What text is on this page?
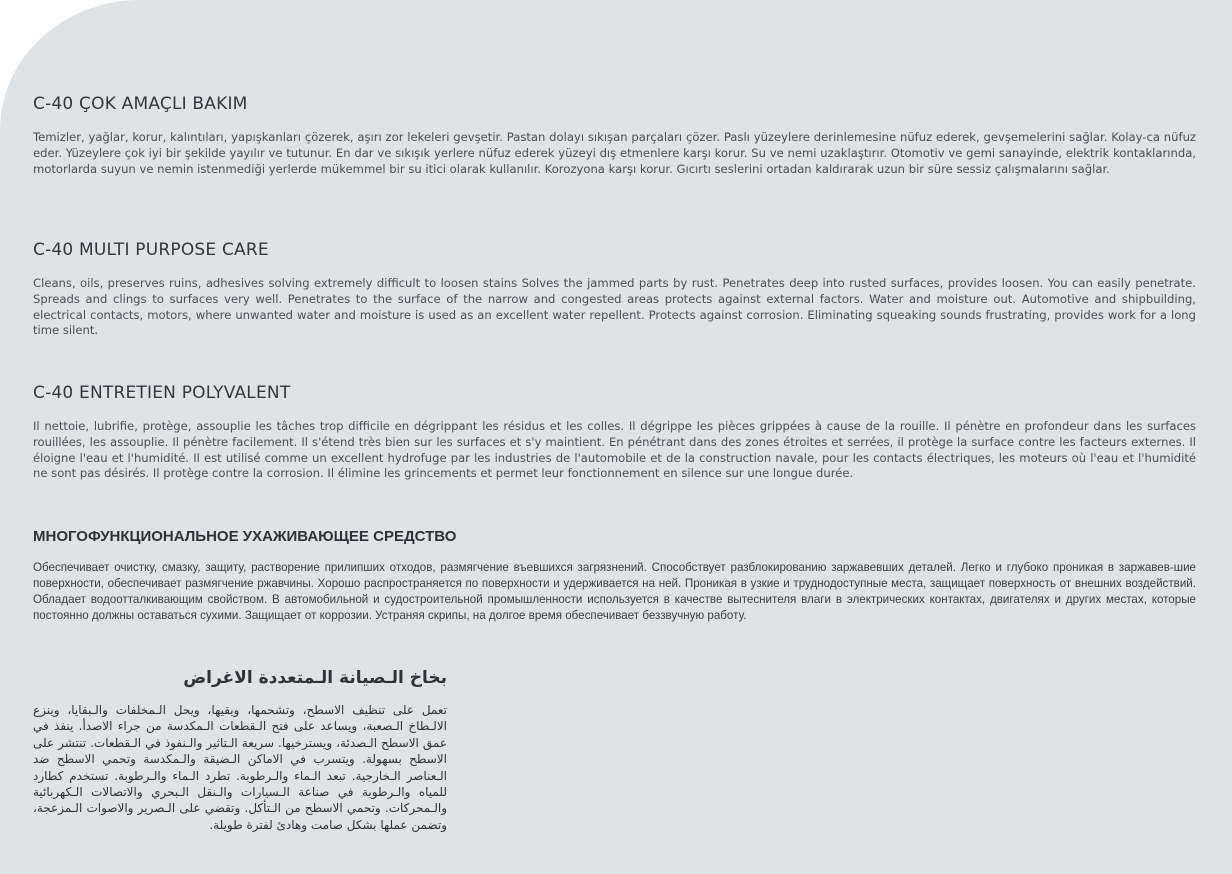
C-40 ÇOK AMAÇLI BAKIM

Temizler, yağlar, korur, kalıntıları, yapışkanları çözerek, aşırı zor lekeleri gevşetir. Pastan dolayı sıkışan parçaları çözer. Paslı yüzeylere derinlemesine nüfuz ederek, gevşemelerini sağlar. Kolay-ca nüfuz eder. Yüzeylere çok iyi bir şekilde yayılır ve tutunur. En dar ve sıkışık yerlere nüfuz ederek yüzeyi dış etmenlere karşı korur. Su ve nemi uzaklaştırır. Otomotiv ve gemi sanayinde, elektrik kontaklarında, motorlarda suyun ve nemin istenmediği yerlerde mükemmel bir su itici olarak kullanılır. Korozyona karşı korur. Gıcırtı seslerini ortadan kaldırarak uzun bir süre sessiz çalışmalarını sağlar.

C-40 MULTI PURPOSE CARE

Cleans, oils, preserves ruins, adhesives solving extremely difficult to loosen stains Solves the jammed parts by rust. Penetrates deep into rusted surfaces, provides loosen. You can easily penetrate. Spreads and clings to surfaces very well. Penetrates to the surface of the narrow and congested areas protects against external factors. Water and moisture out. Automotive and shipbuilding, electrical contacts, motors, where unwanted water and moisture is used as an excellent water repellent. Protects against corrosion. Eliminating squeaking sounds frustrating, provides work for a long time silent.

C-40 ENTRETIEN POLYVALENT

Il nettoie, lubrifie, protège, assouplie les tâches trop difficile en dégrippant les résidus et les colles. Il dégrippe les pièces grippées à cause de la rouille. Il pénètre en profondeur dans les surfaces rouillées, les assouplie. Il pénètre facilement. Il s'étend très bien sur les surfaces et s'y maintient. En pénétrant dans des zones étroites et serrées, il protège la surface contre les facteurs externes. Il éloigne l'eau et l'humidité. Il est utilisé comme un excellent hydrofuge par les industries de l'automobile et de la construction navale, pour les contacts électriques, les moteurs où l'eau et l'humidité ne sont pas désirés. Il protège contre la corrosion. Il élimine les grincements et permet leur fonctionnement en silence sur une longue durée.

МНОГОФУНКЦИОНАЛЬНОЕ УХАЖИВАЮЩЕЕ СРЕДСТВО

Обеспечивает очистку, смазку, защиту, растворение прилипших отходов, размягчение въевшихся загрязнений. Способствует разблокированию заржавевших деталей. Легко и глубоко проникая в заржавев-шие поверхности, обеспечивает размягчение ржавчины. Хорошо распространяется по поверхности и удерживается на ней. Проникая в узкие и труднодоступные места, защищает поверхность от внешних воздействий. Обладает водоотталкивающим свойством. В автомобильной и судостроительной промышленности используется в качестве вытеснителя влаги в электрических контактах, двигателях и других местах, которые постоянно должны оставаться сухими. Защищает от коррозии. Устраняя скрипы, на долгое время обеспечивает беззвучную работу.

بخاخ الـصيانة الـمتعددة الاغراض

تعمل على تنظيف الاسطح، وتشحمها، ويقيها، ويحل الـمخلفات والـبقايا، وينزع الالـطاخ الـصعبة، ويساعد على فتح الـقطعات الـمكدسة من جراء الاصدأ. ينفذ في عمق الاسطح الـصدئة، ويسترخيها. سريعة الـتاثير والـنفوذ في الـقطعات. تنتشر على الاسطح بسهولة. ويتسرب في الاماكن الـضيقة والـمكدسة وتحمي الاسطح ضد الـعناصر الـخارجية. تبعد الـماء والـرطوبة. تطرد الـماء والـرطوبة. تستخدم كطارد للمياه والـرطوبة في صناعة الـسيارات والـنقل الـبحري والاتصالات الـكهربائية والـمحركات. وتحمي الاسطح من الـتأكل. وتقضي على الـصرير والاصوات الـمزعجة، وتضمن عملها بشكل صامت وهادئ لفترة طويلة.
